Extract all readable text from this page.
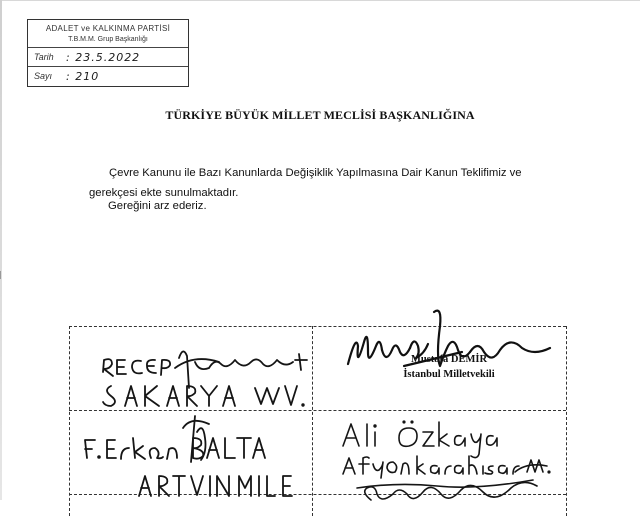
ADALET ve KALKINMA PARTİSİ
T.B.M.M. Grup Başkanlığı
Tarih	: 23.5.2022
Sayı	: 210
TÜRKİYE BÜYÜK MİLLET MECLİSİ BAŞKANLIĞINA
Çevre Kanunu ile Bazı Kanunlarda Değişiklik Yapılmasına Dair Kanun Teklifimiz ve gerekçesi ekte sunulmaktadır.
Gereğini arz ederiz.
Mustafa DEMİR
İstanbul Milletvekili
